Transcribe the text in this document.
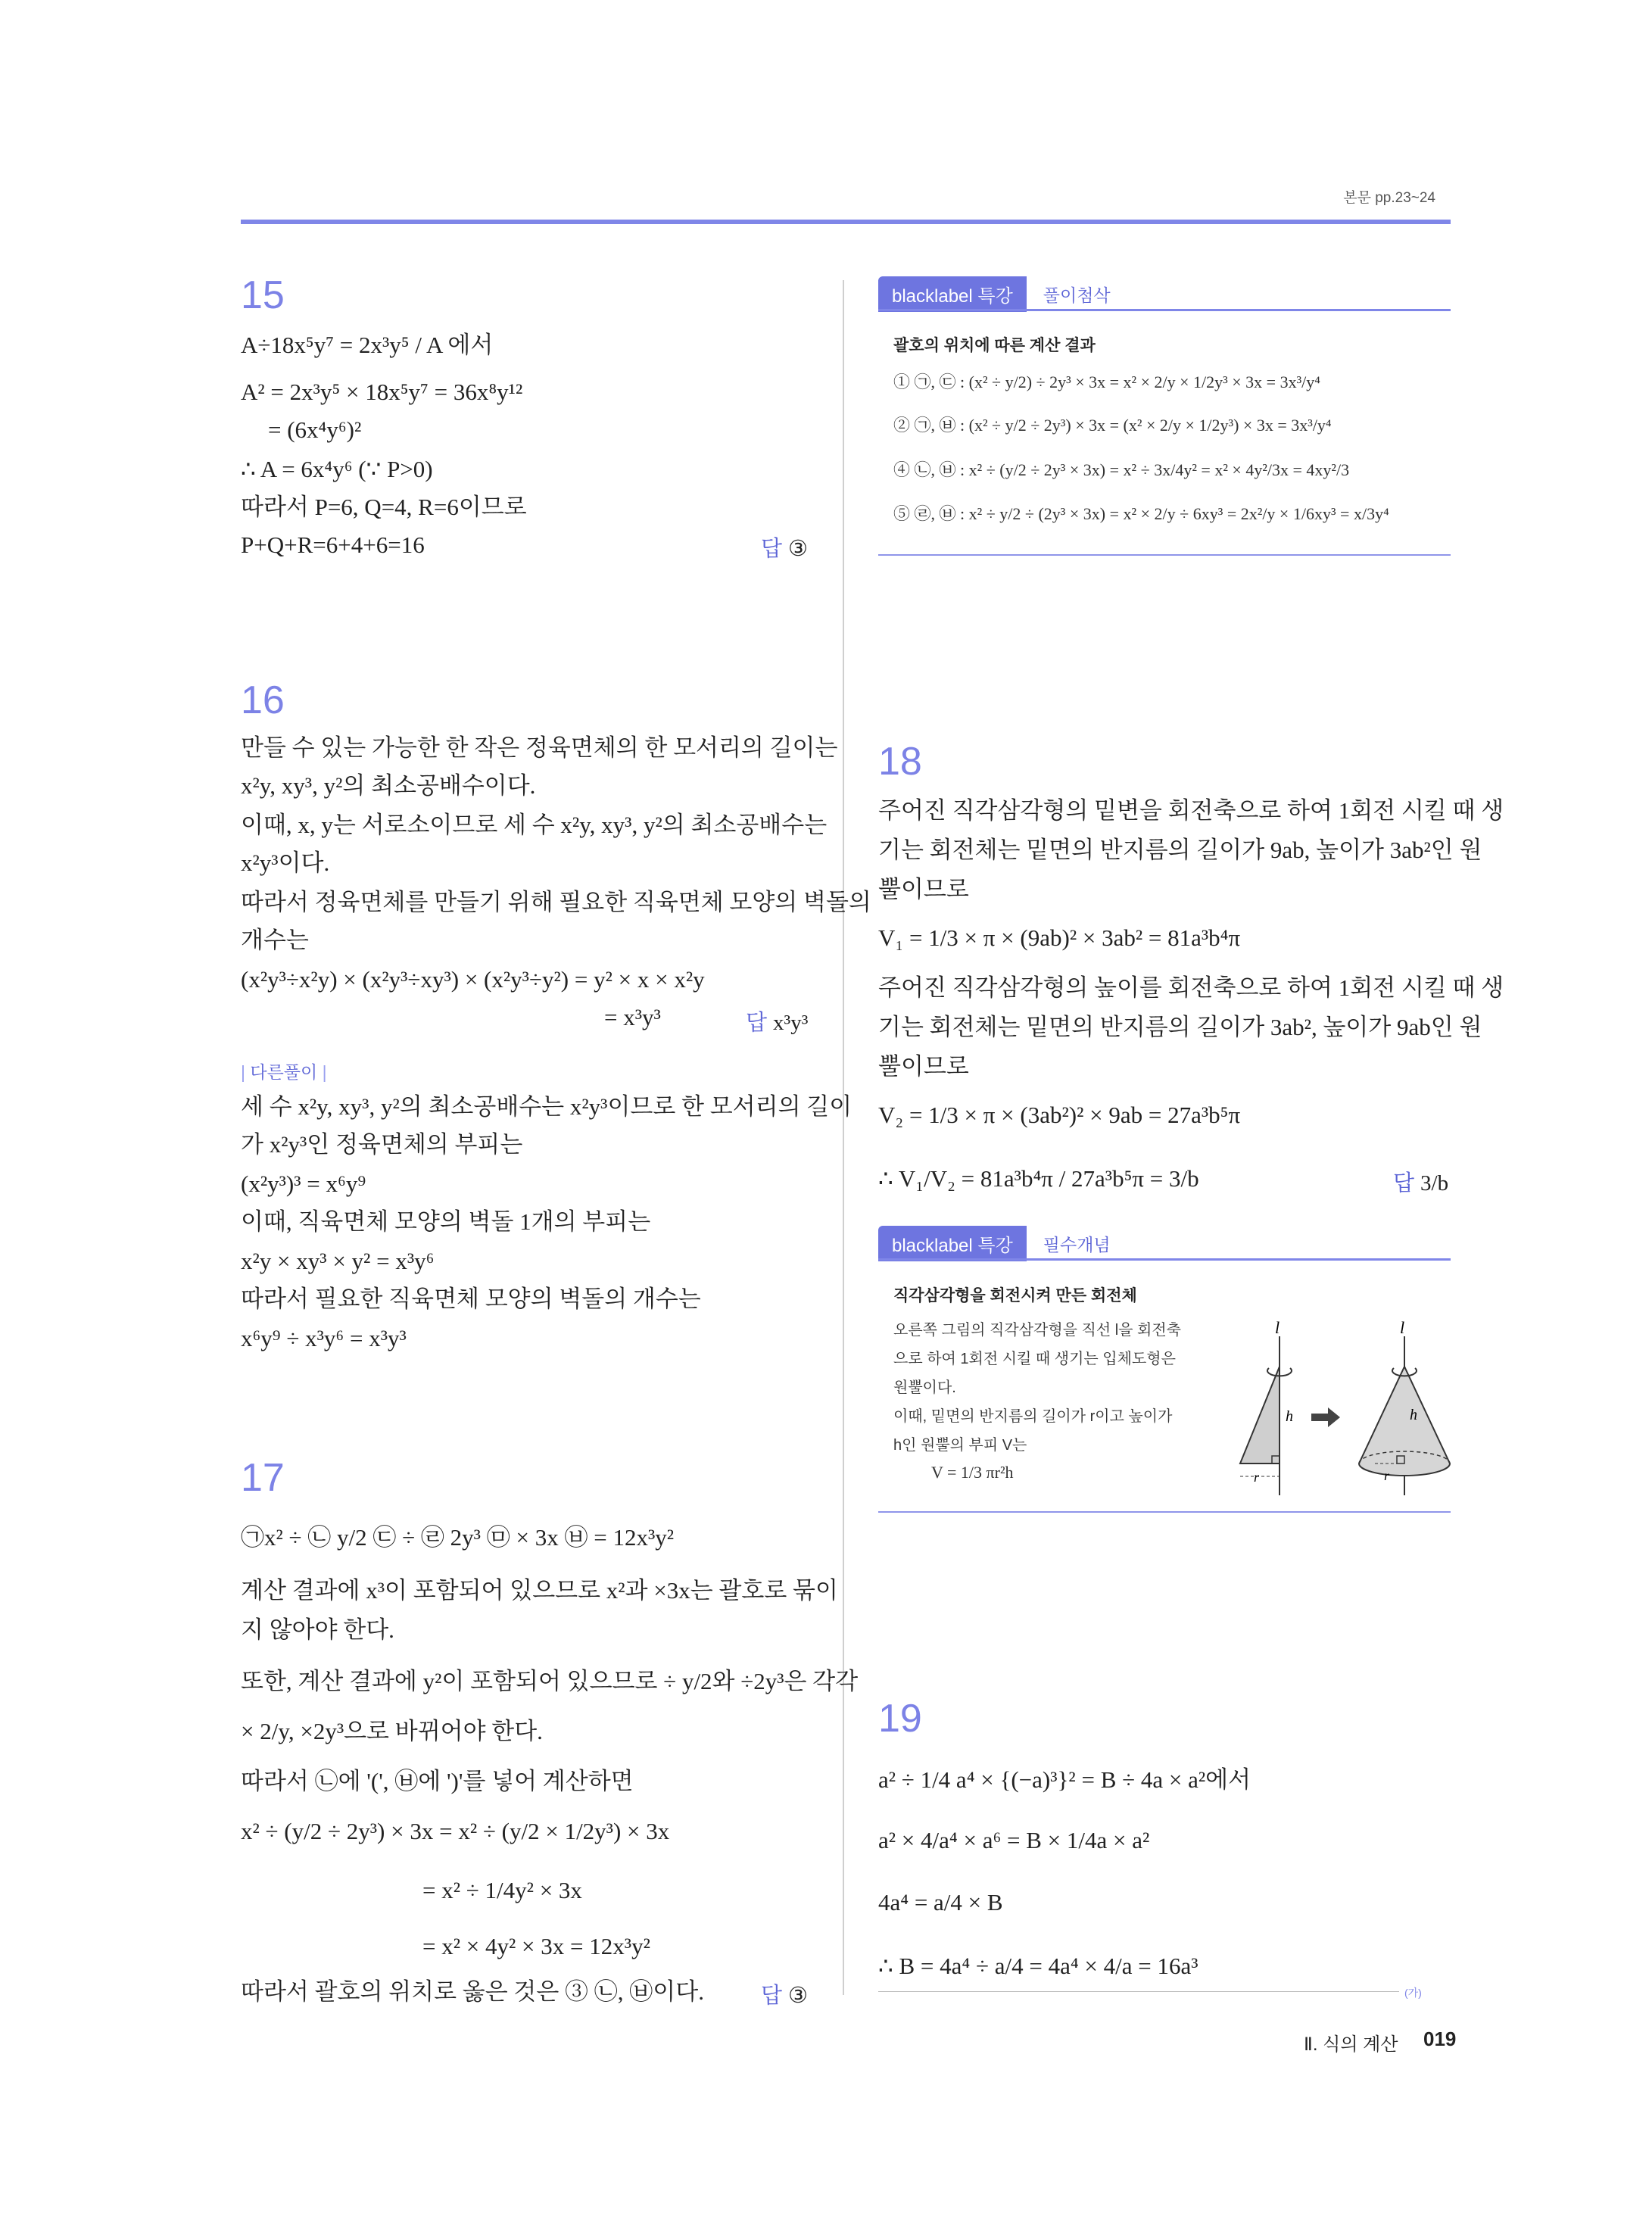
본문 pp.23~24
15
A÷18x⁵y⁷ = 2x³y⁵ / A 에서
A² = 2x³y⁵ × 18x⁵y⁷ = 36x⁸y¹²
= (6x⁴y⁶)²
∴ A = 6x⁴y⁶ (∵ P>0)
따라서 P=6, Q=4, R=6이므로
P+Q+R=6+4+6=16	답 ③
16
만들 수 있는 가능한 한 작은 정육면체의 한 모서리의 길이는
x²y, xy³, y²의 최소공배수이다.
이때, x, y는 서로소이므로 세 수 x²y, xy³, y²의 최소공배수는
x²y³이다.
따라서 정육면체를 만들기 위해 필요한 직육면체 모양의 벽돌의
개수는
(x²y³÷x²y) × (x²y³÷xy³) × (x²y³÷y²) = y² × x × x²y
= x³y³	답 x³y³
| 다른풀이 |
세 수 x²y, xy³, y²의 최소공배수는 x²y³이므로 한 모서리의 길이
가 x²y³인 정육면체의 부피는
(x²y³)³ = x⁶y⁹
이때, 직육면체 모양의 벽돌 1개의 부피는
x²y × xy³ × y² = x³y⁶
따라서 필요한 직육면체 모양의 벽돌의 개수는
x⁶y⁹ ÷ x³y⁶ = x³y³
17
㉠x² ÷ ㉡ y/2 ㉢ ÷ ㉣ 2y³ ㉤ × 3x ㉥ = 12x³y²
계산 결과에 x³이 포함되어 있으므로 x²과 ×3x는 괄호로 묶이
지 않아야 한다.
또한, 계산 결과에 y²이 포함되어 있으므로 ÷ y/2와 ÷2y³은 각각
× 2/y, ×2y³으로 바뀌어야 한다.
따라서 ㉡에 '(', ㉥에 ')'를 넣어 계산하면
x² ÷ (y/2 ÷ 2y³) × 3x = x² ÷ (y/2 × 1/2y³) × 3x
= x² ÷ 1/4y² × 3x
= x² × 4y² × 3x = 12x³y²
따라서 괄호의 위치로 옳은 것은 ③ ㉡, ㉥이다.	답 ③
blacklabel 특강	풀이첨삭
괄호의 위치에 따른 계산 결과
① ㉠, ㉢ : (x² ÷ y/2) ÷ 2y³ × 3x = x² × 2/y × 1/2y³ × 3x = 3x³/y⁴
② ㉠, ㉥ : (x² ÷ y/2 ÷ 2y³) × 3x = (x² × 2/y × 1/2y³) × 3x = 3x³/y⁴
④ ㉡, ㉥ : x² ÷ (y/2 ÷ 2y³ × 3x) = x² ÷ 3x/4y² = x² × 4y²/3x = 4xy²/3
⑤ ㉣, ㉥ : x² ÷ y/2 ÷ (2y³ × 3x) = x² × 2/y ÷ 6xy³ = 2x²/y × 1/6xy³ = x/3y⁴
18
주어진 직각삼각형의 밑변을 회전축으로 하여 1회전 시킬 때 생
기는 회전체는 밑면의 반지름의 길이가 9ab, 높이가 3ab²인 원
뿔이므로
V₁ = 1/3 × π × (9ab)² × 3ab² = 81a³b⁴π
주어진 직각삼각형의 높이를 회전축으로 하여 1회전 시킬 때 생
기는 회전체는 밑면의 반지름의 길이가 3ab², 높이가 9ab인 원
뿔이므로
V₂ = 1/3 × π × (3ab²)² × 9ab = 27a³b⁵π
∴ V₁/V₂ = 81a³b⁴π / 27a³b⁵π = 3/b	답 3/b
blacklabel 특강	필수개념
직각삼각형을 회전시켜 만든 회전체
오른쪽 그림의 직각삼각형을 직선 l을 회전축
으로 하여 1회전 시킬 때 생기는 입체도형은
원뿔이다.
이때, 밑면의 반지름의 길이가 r이고 높이가
h인 원뿔의 부피 V는
V = 1/3 πr²h
l
h
r
l
h
r
19
a² ÷ 1/4 a⁴ × {(−a)³}² = B ÷ 4a × a²에서
a² × 4/a⁴ × a⁶ = B × 1/4a × a²
4a⁴ = a/4 × B
∴ B = 4a⁴ ÷ a/4 = 4a⁴ × 4/a = 16a³
(가)
Ⅱ. 식의 계산 019
